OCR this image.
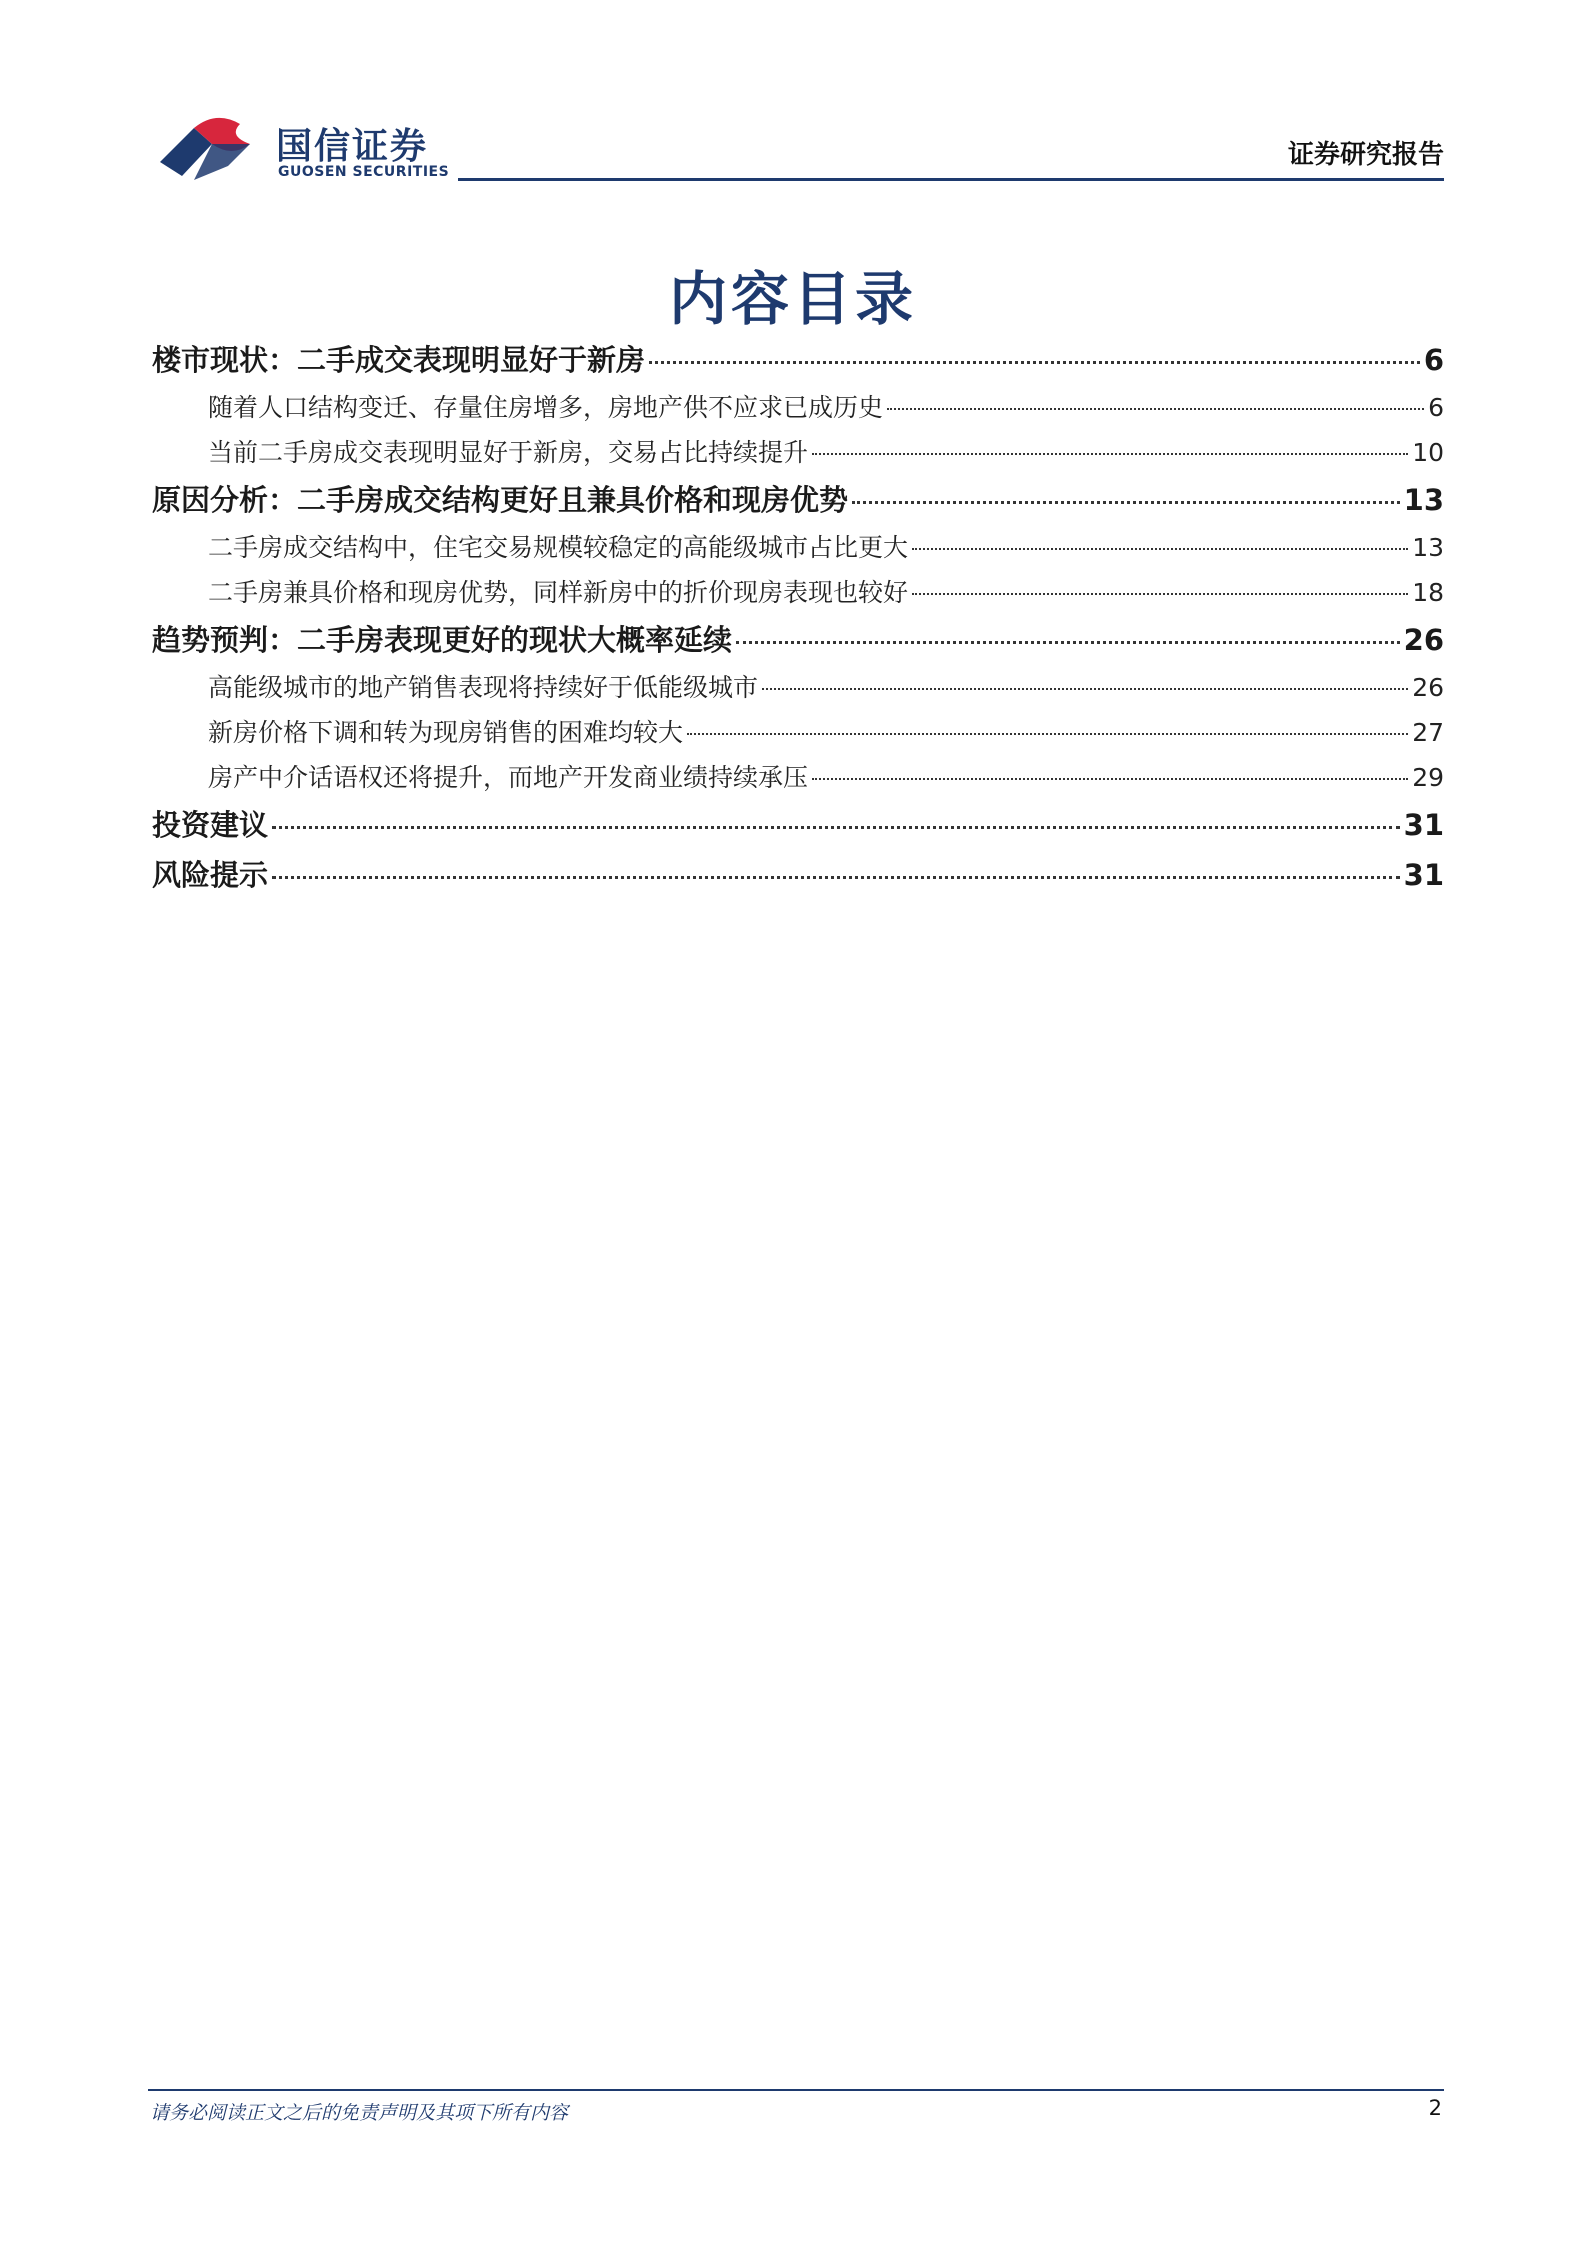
国信证券
GUOSEN SECURITIES
证券研究报告
内容目录
楼市现状：二手成交表现明显好于新房	6
随着人口结构变迁、存量住房增多，房地产供不应求已成历史	6
当前二手房成交表现明显好于新房，交易占比持续提升	10
原因分析：二手房成交结构更好且兼具价格和现房优势	13
二手房成交结构中，住宅交易规模较稳定的高能级城市占比更大	13
二手房兼具价格和现房优势，同样新房中的折价现房表现也较好	18
趋势预判：二手房表现更好的现状大概率延续	26
高能级城市的地产销售表现将持续好于低能级城市	26
新房价格下调和转为现房销售的困难均较大	27
房产中介话语权还将提升，而地产开发商业绩持续承压	29
投资建议	31
风险提示	31
请务必阅读正文之后的免责声明及其项下所有内容	2
